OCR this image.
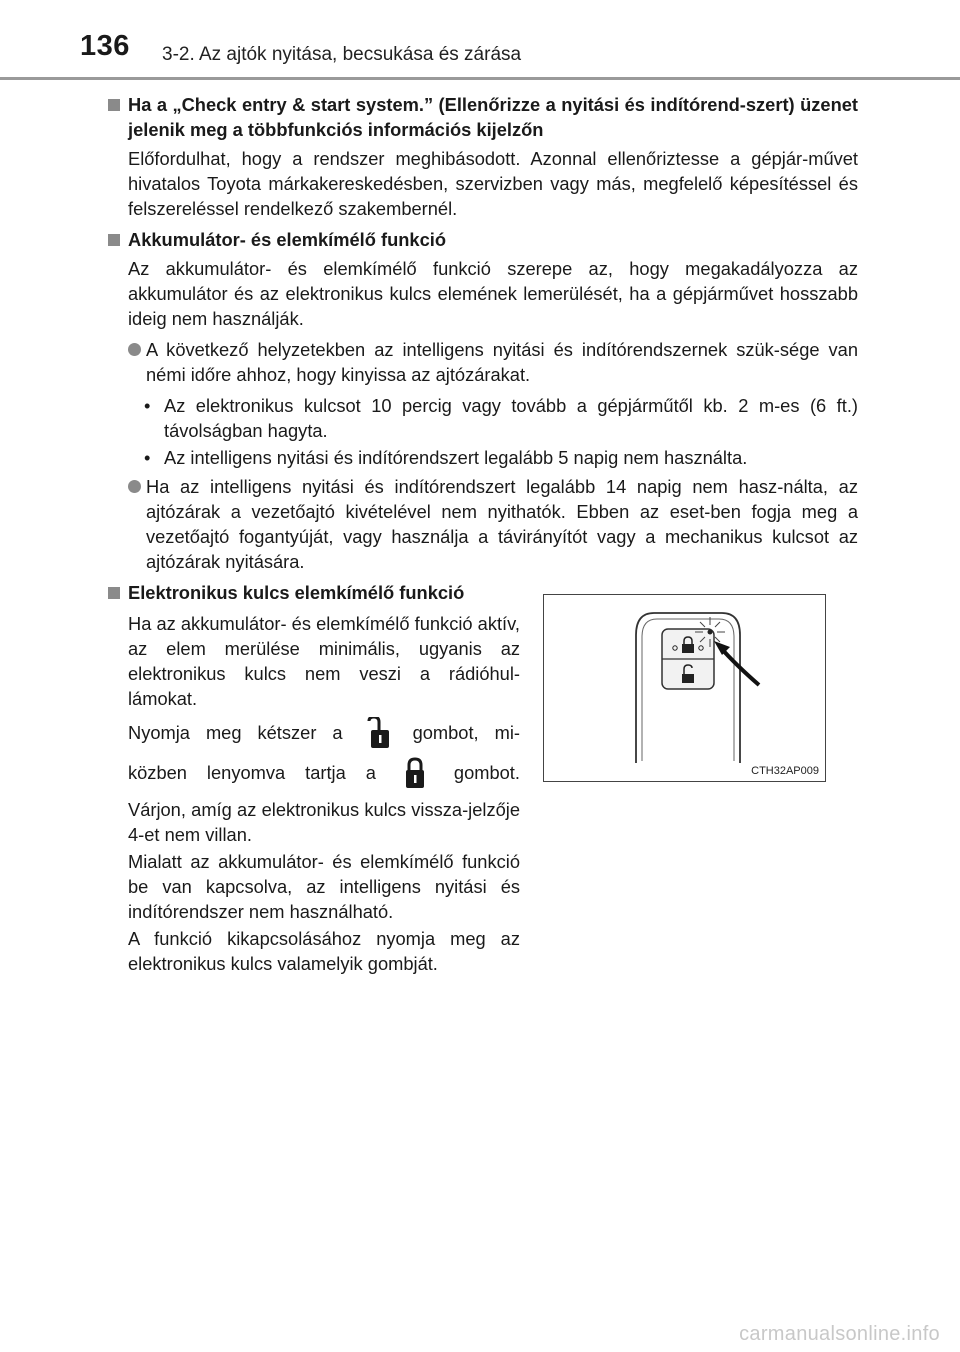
136 3-2. Az ajtók nyitása, becsukása és zárása
Ha a „Check entry & start system.” (Ellenőrizze a nyitási és indítórend-szert) üzenet jelenik meg a többfunkciós információs kijelzőn

Előfordulhat, hogy a rendszer meghibásodott. Azonnal ellenőriztesse a gépjár-művet hivatalos Toyota márkakereskedésben, szervizben vagy más, megfelelő képesítéssel és felszereléssel rendelkező szakembernél.

Akkumulátor- és elemkímélő funkció

Az akkumulátor- és elemkímélő funkció szerepe az, hogy megakadályozza az akkumulátor és az elektronikus kulcs elemének lemerülését, ha a gépjárművet hosszabb ideig nem használják.

A következő helyzetekben az intelligens nyitási és indítórendszernek szük-sége van némi időre ahhoz, hogy kinyissa az ajtózárakat.
• Az elektronikus kulcsot 10 percig vagy tovább a gépjárműtől kb. 2 m-es (6 ft.) távolságban hagyta.
• Az intelligens nyitási és indítórendszert legalább 5 napig nem használta.
Ha az intelligens nyitási és indítórendszert legalább 14 napig nem hasz-nálta, az ajtózárak a vezetőajtó kivételével nem nyithatók. Ebben az eset-ben fogja meg a vezetőajtó fogantyúját, vagy használja a távirányítót vagy a mechanikus kulcsot az ajtózárak nyitására.
Elektronikus kulcs elemkímélő funkció

Ha az akkumulátor- és elemkímélő funkció aktív, az elem merülése minimális, ugyanis az elektronikus kulcs nem veszi a rádióhul-lámokat.

Nyomja meg kétszer a	gombot, mi-

közben lenyomva tartja a	gombot.

Várjon, amíg az elektronikus kulcs vissza-jelzője 4-et nem villan.

Mialatt az akkumulátor- és elemkímélő funkció be van kapcsolva, az intelligens nyitási és indítórendszer nem használható.

A funkció kikapcsolásához nyomja meg az elektronikus kulcs valamelyik gombját.

CTH32AP009
carmanualsonline.info
